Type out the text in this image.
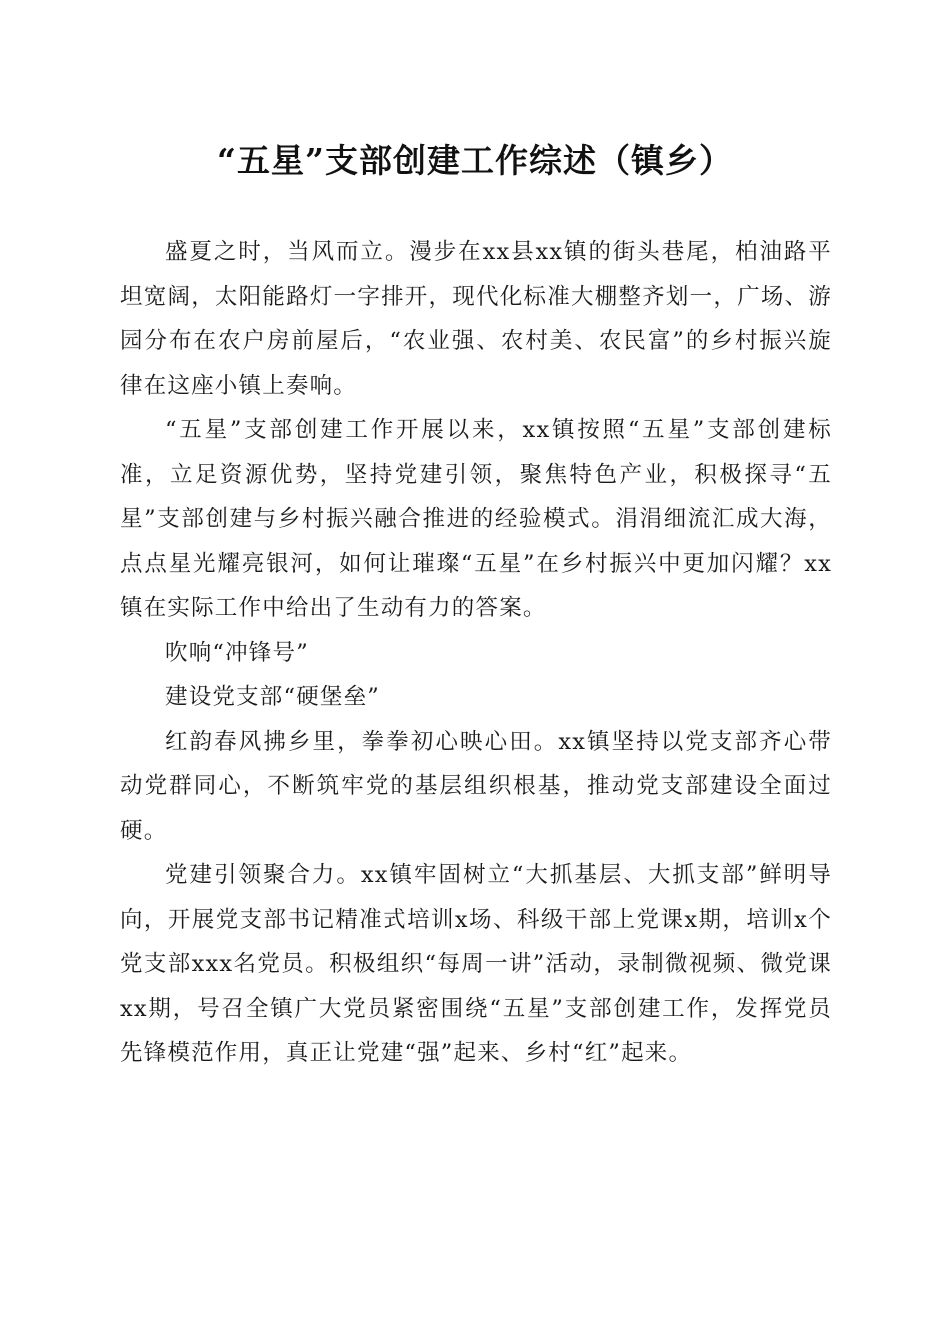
“五星”支部创建工作综述（镇乡）

盛夏之时，当风而立。漫步在xx县xx镇的街头巷尾，柏油路平坦宽阔，太阳能路灯一字排开，现代化标准大棚整齐划一，广场、游园分布在农户房前屋后，“农业强、农村美、农民富”的乡村振兴旋律在这座小镇上奏响。

“五星”支部创建工作开展以来，xx镇按照“五星”支部创建标准，立足资源优势，坚持党建引领，聚焦特色产业，积极探寻“五星”支部创建与乡村振兴融合推进的经验模式。涓涓细流汇成大海，点点星光耀亮银河，如何让璀璨“五星”在乡村振兴中更加闪耀？xx镇在实际工作中给出了生动有力的答案。

吹响“冲锋号”

建设党支部“硬堡垒”

红韵春风拂乡里，拳拳初心映心田。xx镇坚持以党支部齐心带动党群同心，不断筑牢党的基层组织根基，推动党支部建设全面过硬。

党建引领聚合力。xx镇牢固树立“大抓基层、大抓支部”鲜明导向，开展党支部书记精准式培训x场、科级干部上党课x期，培训x个党支部xxx名党员。积极组织“每周一讲”活动，录制微视频、微党课xx期，号召全镇广大党员紧密围绕“五星”支部创建工作，发挥党员先锋模范作用，真正让党建“强”起来、乡村“红”起来。
